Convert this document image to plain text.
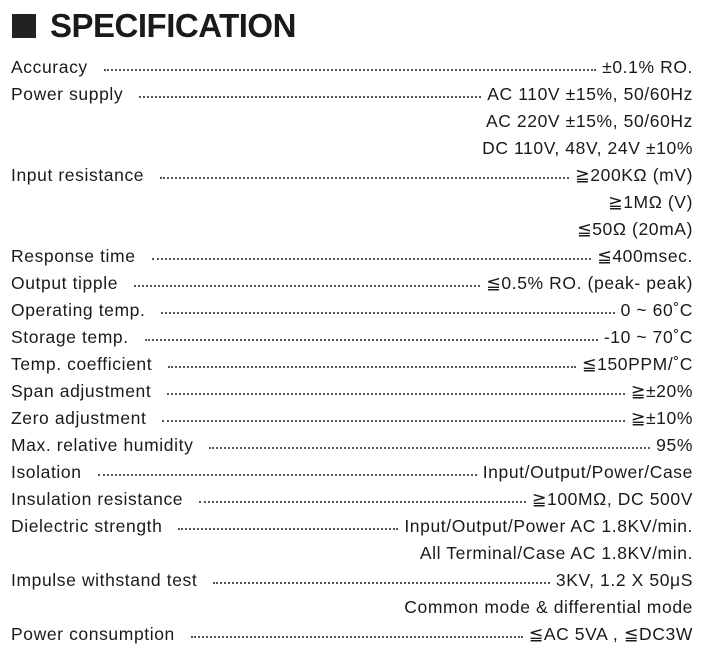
SPECIFICATION
Accuracy	±0.1% RO.
Power supply	AC 110V ±15%, 50/60Hz
AC 220V ±15%, 50/60Hz
DC 110V, 48V, 24V ±10%
Input resistance	≧200KΩ (mV)
≧1MΩ (V)
≦50Ω (20mA)
Response time	≦400msec.
Output tipple	≦0.5% RO. (peak- peak)
Operating temp.	0 ~ 60˚C
Storage temp.	-10 ~ 70˚C
Temp. coefficient	≦150PPM/˚C
Span adjustment	≧±20%
Zero adjustment	≧±10%
Max. relative humidity	95%
Isolation	Input/Output/Power/Case
Insulation resistance	≧100MΩ, DC 500V
Dielectric strength	Input/Output/Power AC 1.8KV/min.
All Terminal/Case AC 1.8KV/min.
Impulse withstand test	3KV, 1.2 X 50μS
Common mode & differential mode
Power consumption	≦AC 5VA , ≦DC3W
